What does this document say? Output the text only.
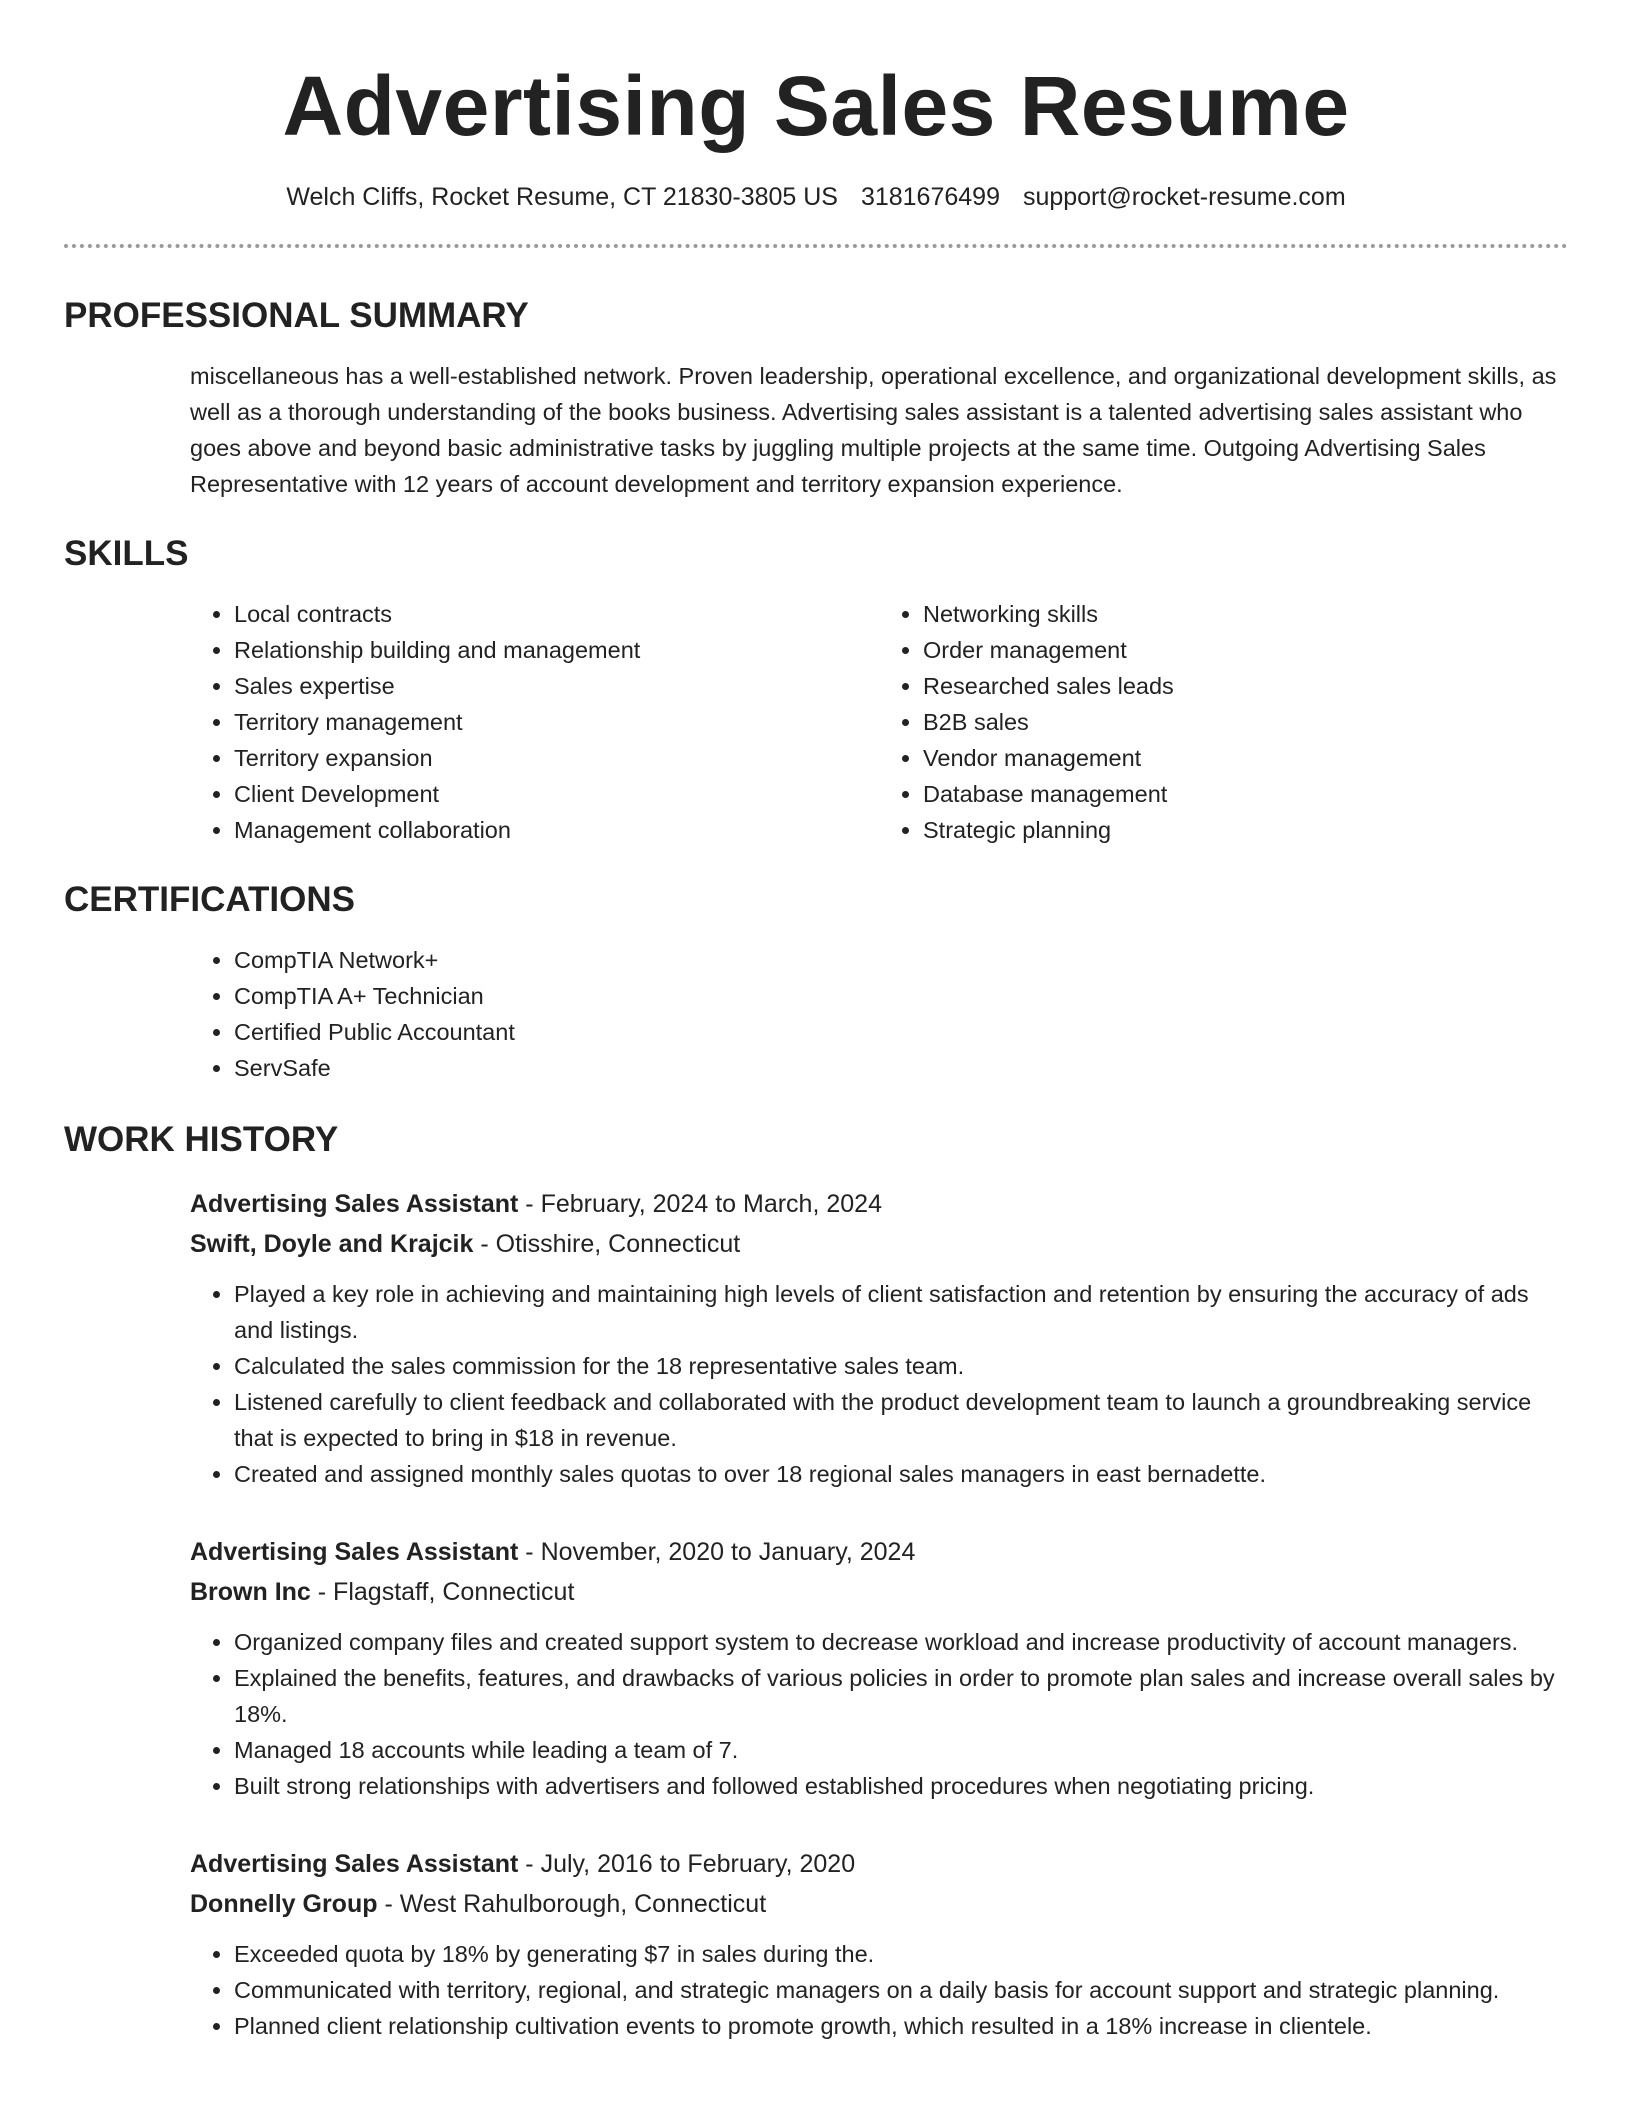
Advertising Sales Resume
Welch Cliffs, Rocket Resume, CT 21830-3805 US 3181676499 support@rocket-resume.com
PROFESSIONAL SUMMARY
miscellaneous has a well-established network. Proven leadership, operational excellence, and organizational development skills, as well as a thorough understanding of the books business. Advertising sales assistant is a talented advertising sales assistant who goes above and beyond basic administrative tasks by juggling multiple projects at the same time. Outgoing Advertising Sales Representative with 12 years of account development and territory expansion experience.
SKILLS
• Local contracts
• Relationship building and management
• Sales expertise
• Territory management
• Territory expansion
• Client Development
• Management collaboration
• Networking skills
• Order management
• Researched sales leads
• B2B sales
• Vendor management
• Database management
• Strategic planning
CERTIFICATIONS
• CompTIA Network+
• CompTIA A+ Technician
• Certified Public Accountant
• ServSafe
WORK HISTORY
Advertising Sales Assistant - February, 2024 to March, 2024
Swift, Doyle and Krajcik - Otisshire, Connecticut
• Played a key role in achieving and maintaining high levels of client satisfaction and retention by ensuring the accuracy of ads and listings.
• Calculated the sales commission for the 18 representative sales team.
• Listened carefully to client feedback and collaborated with the product development team to launch a groundbreaking service that is expected to bring in $18 in revenue.
• Created and assigned monthly sales quotas to over 18 regional sales managers in east bernadette.
Advertising Sales Assistant - November, 2020 to January, 2024
Brown Inc - Flagstaff, Connecticut
• Organized company files and created support system to decrease workload and increase productivity of account managers.
• Explained the benefits, features, and drawbacks of various policies in order to promote plan sales and increase overall sales by 18%.
• Managed 18 accounts while leading a team of 7.
• Built strong relationships with advertisers and followed established procedures when negotiating pricing.
Advertising Sales Assistant - July, 2016 to February, 2020
Donnelly Group - West Rahulborough, Connecticut
• Exceeded quota by 18% by generating $7 in sales during the.
• Communicated with territory, regional, and strategic managers on a daily basis for account support and strategic planning.
• Planned client relationship cultivation events to promote growth, which resulted in a 18% increase in clientele.
